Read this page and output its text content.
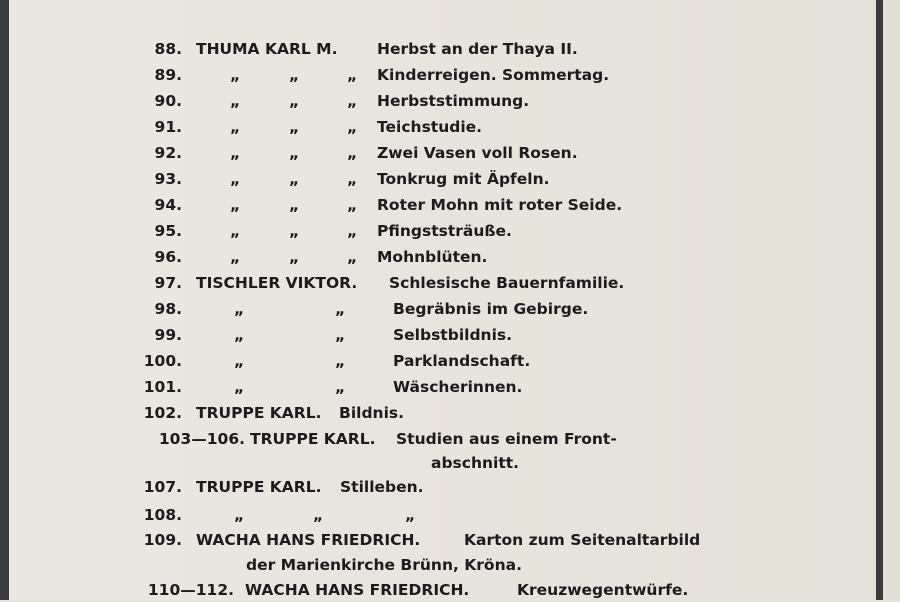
88. THUMA KARL M.	Herbst an der Thaya II.
89.	„	„	„ Kinderreigen. Sommertag.
90.	„	„	„ Herbststimmung.
91.	„	„	„ Teichstudie.
92.	„	„	„ Zwei Vasen voll Rosen.
93.	„	„	„ Tonkrug mit Äpfeln.
94.	„	„	„ Roter Mohn mit roter Seide.
95.	„	„	„ Pfingststräuße.
96.	„	„	„ Mohnblüten.
97. TISCHLER VIKTOR. Schlesische Bauernfamilie.
98.	„	„	Begräbnis im Gebirge.
99.	„	„	Selbstbildnis.
100.	„	„	Parklandschaft.
101.	„	„	Wäscherinnen.
102. TRUPPE KARL. Bildnis.
103—106. TRUPPE KARL. Studien aus einem Front-
abschnitt.
107. TRUPPE KARL. Stilleben.
108.	„	„	„
109. WACHA HANS FRIEDRICH.	Karton zum Seitenaltarbild
der Marienkirche Brünn, Kröna.
110—112. WACHA HANS FRIEDRICH.	Kreuzwegentwürfe.
